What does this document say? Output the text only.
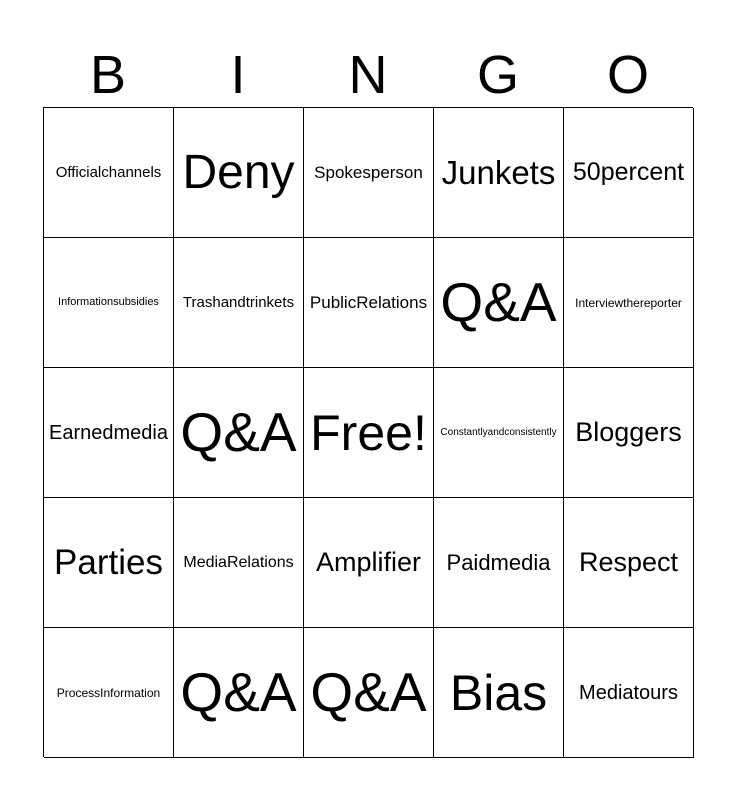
B	I	N	G	O
Officialchannels Deny Spokesperson Junkets 50percent
Informationsubsidies Trashandtrinkets PublicRelations Q&A Interviewthereporter
Earnedmedia Q&A Free! Constantlyandconsistently Bloggers
Parties MediaRelations Amplifier Paidmedia Respect
ProcessInformation Q&A Q&A Bias Mediatours
